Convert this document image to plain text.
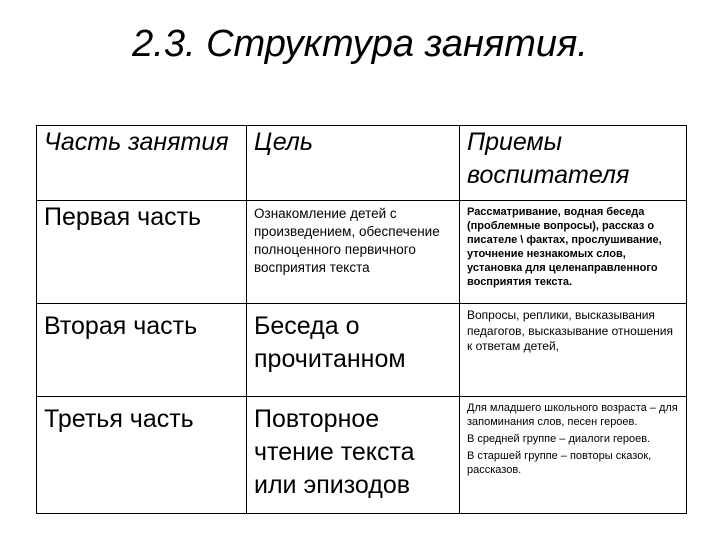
2.3. Структура занятия.
Часть занятия	Цель	Приемы воспитателя

Первая часть	Ознакомление детей с произведением, обеспечение полноценного первичного восприятия текста	Рассматривание, водная беседа (проблемные вопросы), рассказ о писателе \ фактах, прослушивание, уточнение незнакомых слов, установка для целенаправленного восприятия текста.

Вторая часть	Беседа о прочитанном	Вопросы, реплики, высказывания педагогов, высказывание отношения к ответам детей,

Третья часть	Повторное чтение текста или эпизодов	Для младшего школьного возраста – для запоминания слов, песен героев.

В средней группе – диалоги героев.

В старшей группе – повторы сказок, рассказов.
